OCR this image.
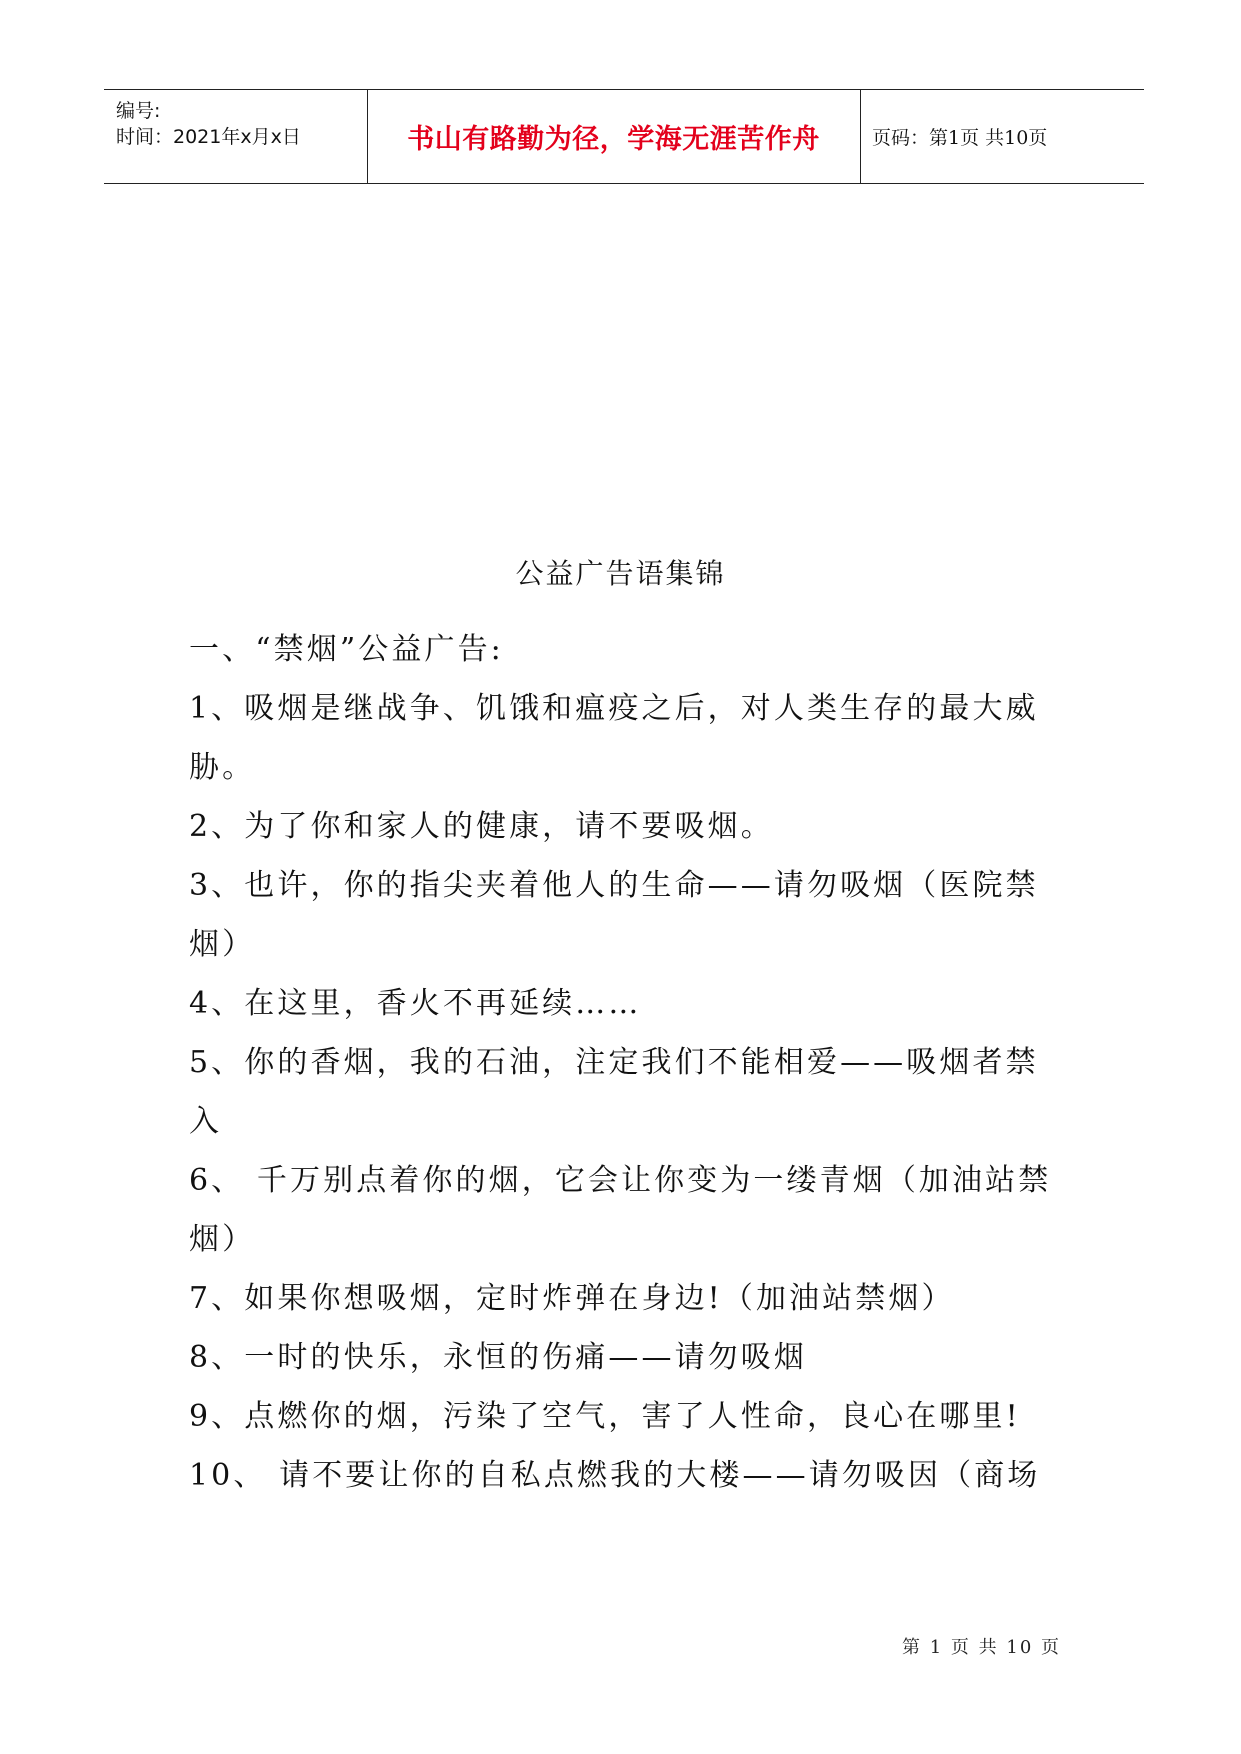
编号:
时间：2021年x月x日	书山有路勤为径，学海无涯苦作舟	页码：第1页 共10页
公益广告语集锦

一、“禁烟”公益广告:

1、吸烟是继战争、饥饿和瘟疫之后，对人类生存的最大威胁。

2、为了你和家人的健康，请不要吸烟。

3、也许，你的指尖夹着他人的生命——请勿吸烟（医院禁烟）

4、在这里，香火不再延续……

5、你的香烟，我的石油，注定我们不能相爱——吸烟者禁入

6、 千万别点着你的烟，它会让你变为一缕青烟（加油站禁烟）

7、如果你想吸烟，定时炸弹在身边!（加油站禁烟）

8、一时的快乐，永恒的伤痛——请勿吸烟

9、点燃你的烟，污染了空气，害了人性命，良心在哪里!

10、 请不要让你的自私点燃我的大楼——请勿吸因（商场

第 1 页 共 10 页
